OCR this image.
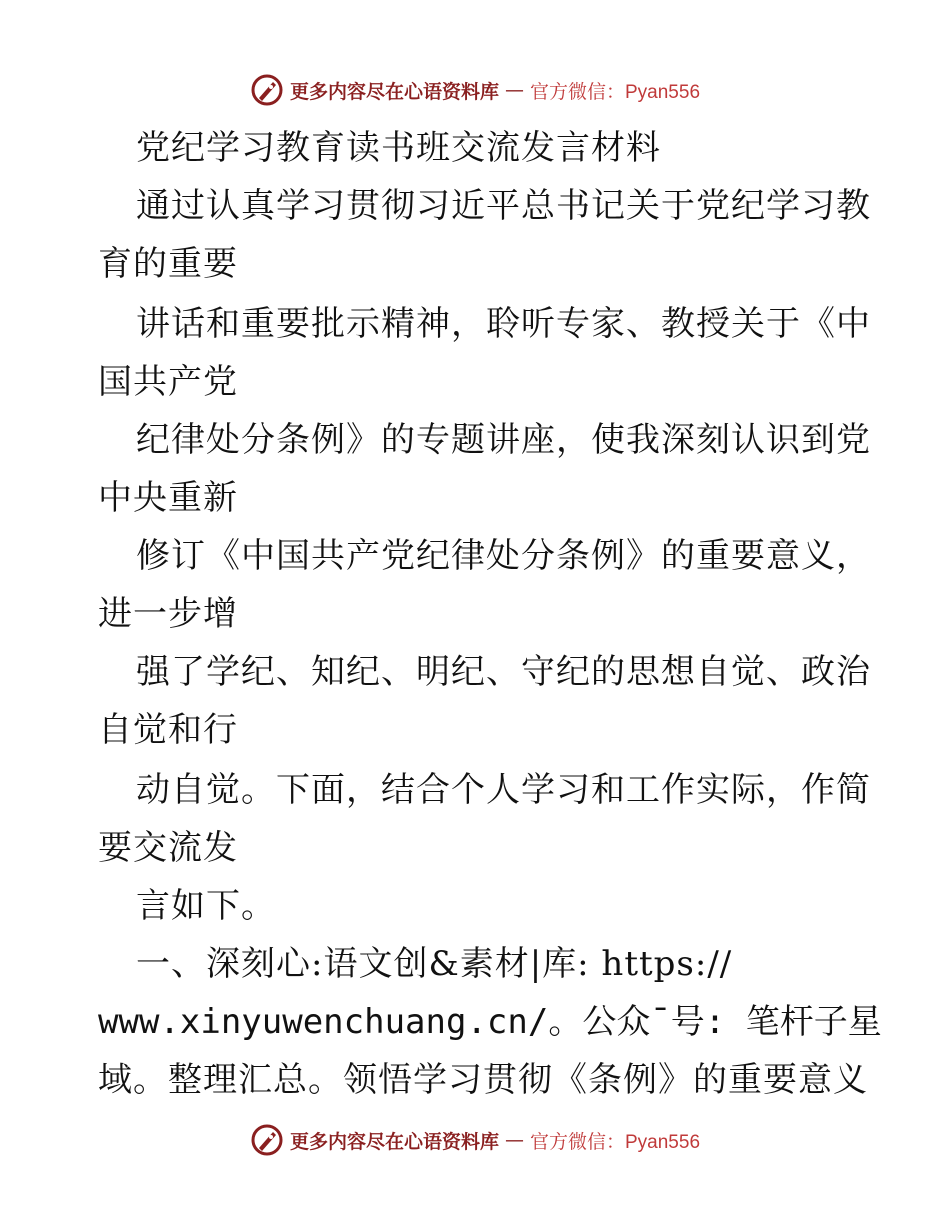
更多内容尽在心语资料库 — 官方微信：Pyan556
党纪学习教育读书班交流发言材料
通过认真学习贯彻习近平总书记关于党纪学习教
育的重要
讲话和重要批示精神，聆听专家、教授关于《中
国共产党
纪律处分条例》的专题讲座，使我深刻认识到党
中央重新
修订《中国共产党纪律处分条例》的重要意义，
进一步增
强了学纪、知纪、明纪、守纪的思想自觉、政治
自觉和行
动自觉。下面，结合个人学习和工作实际，作简
要交流发
言如下。
一、深刻心:语文创&素材|库: https://
www.xinyuwenchuang.cn/。公众¯号: 笔杆子星
域。整理汇总。领悟学习贯彻《条例》的重要意义
更多内容尽在心语资料库 — 官方微信：Pyan556
